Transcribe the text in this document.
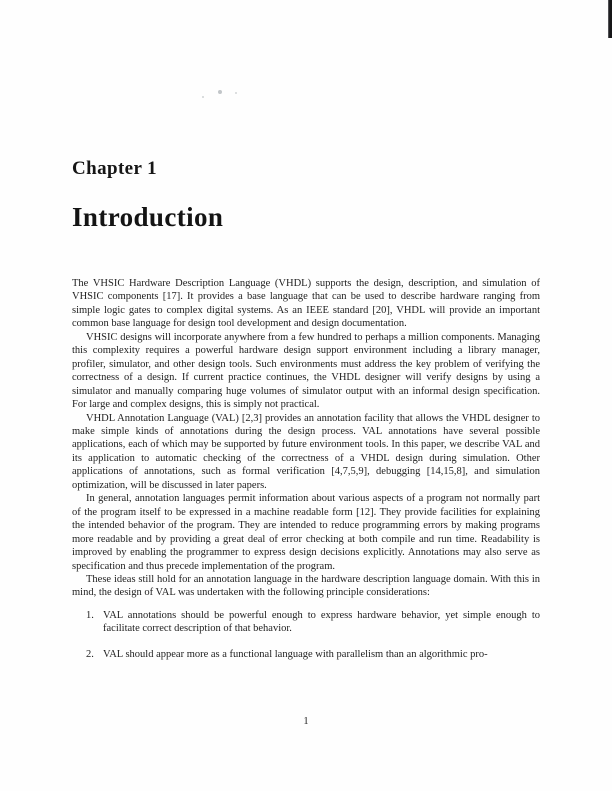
Chapter 1
Introduction

The VHSIC Hardware Description Language (VHDL) supports the design, description, and simulation of VHSIC components [17]. It provides a base language that can be used to describe hardware ranging from simple logic gates to complex digital systems. As an IEEE standard [20], VHDL will provide an important common base language for design tool development and design documentation.

VHSIC designs will incorporate anywhere from a few hundred to perhaps a million components. Managing this complexity requires a powerful hardware design support environment including a library manager, profiler, simulator, and other design tools. Such environments must address the key problem of verifying the correctness of a design. If current practice continues, the VHDL designer will verify designs by using a simulator and manually comparing huge volumes of simulator output with an informal design specification. For large and complex designs, this is simply not practical.

VHDL Annotation Language (VAL) [2,3] provides an annotation facility that allows the VHDL designer to make simple kinds of annotations during the design process. VAL annotations have several possible applications, each of which may be supported by future environment tools. In this paper, we describe VAL and its application to automatic checking of the correctness of a VHDL design during simulation. Other applications of annotations, such as formal verification [4,7,5,9], debugging [14,15,8], and simulation optimization, will be discussed in later papers.

In general, annotation languages permit information about various aspects of a program not normally part of the program itself to be expressed in a machine readable form [12]. They provide facilities for explaining the intended behavior of the program. They are intended to reduce programming errors by making programs more readable and by providing a great deal of error checking at both compile and run time. Readability is improved by enabling the programmer to express design decisions explicitly. Annotations may also serve as specification and thus precede implementation of the program.

These ideas still hold for an annotation language in the hardware description language domain. With this in mind, the design of VAL was undertaken with the following principle considerations:

1. VAL annotations should be powerful enough to express hardware behavior, yet simple enough to facilitate correct description of that behavior.
2. VAL should appear more as a functional language with parallelism than an algorithmic pro-
1
